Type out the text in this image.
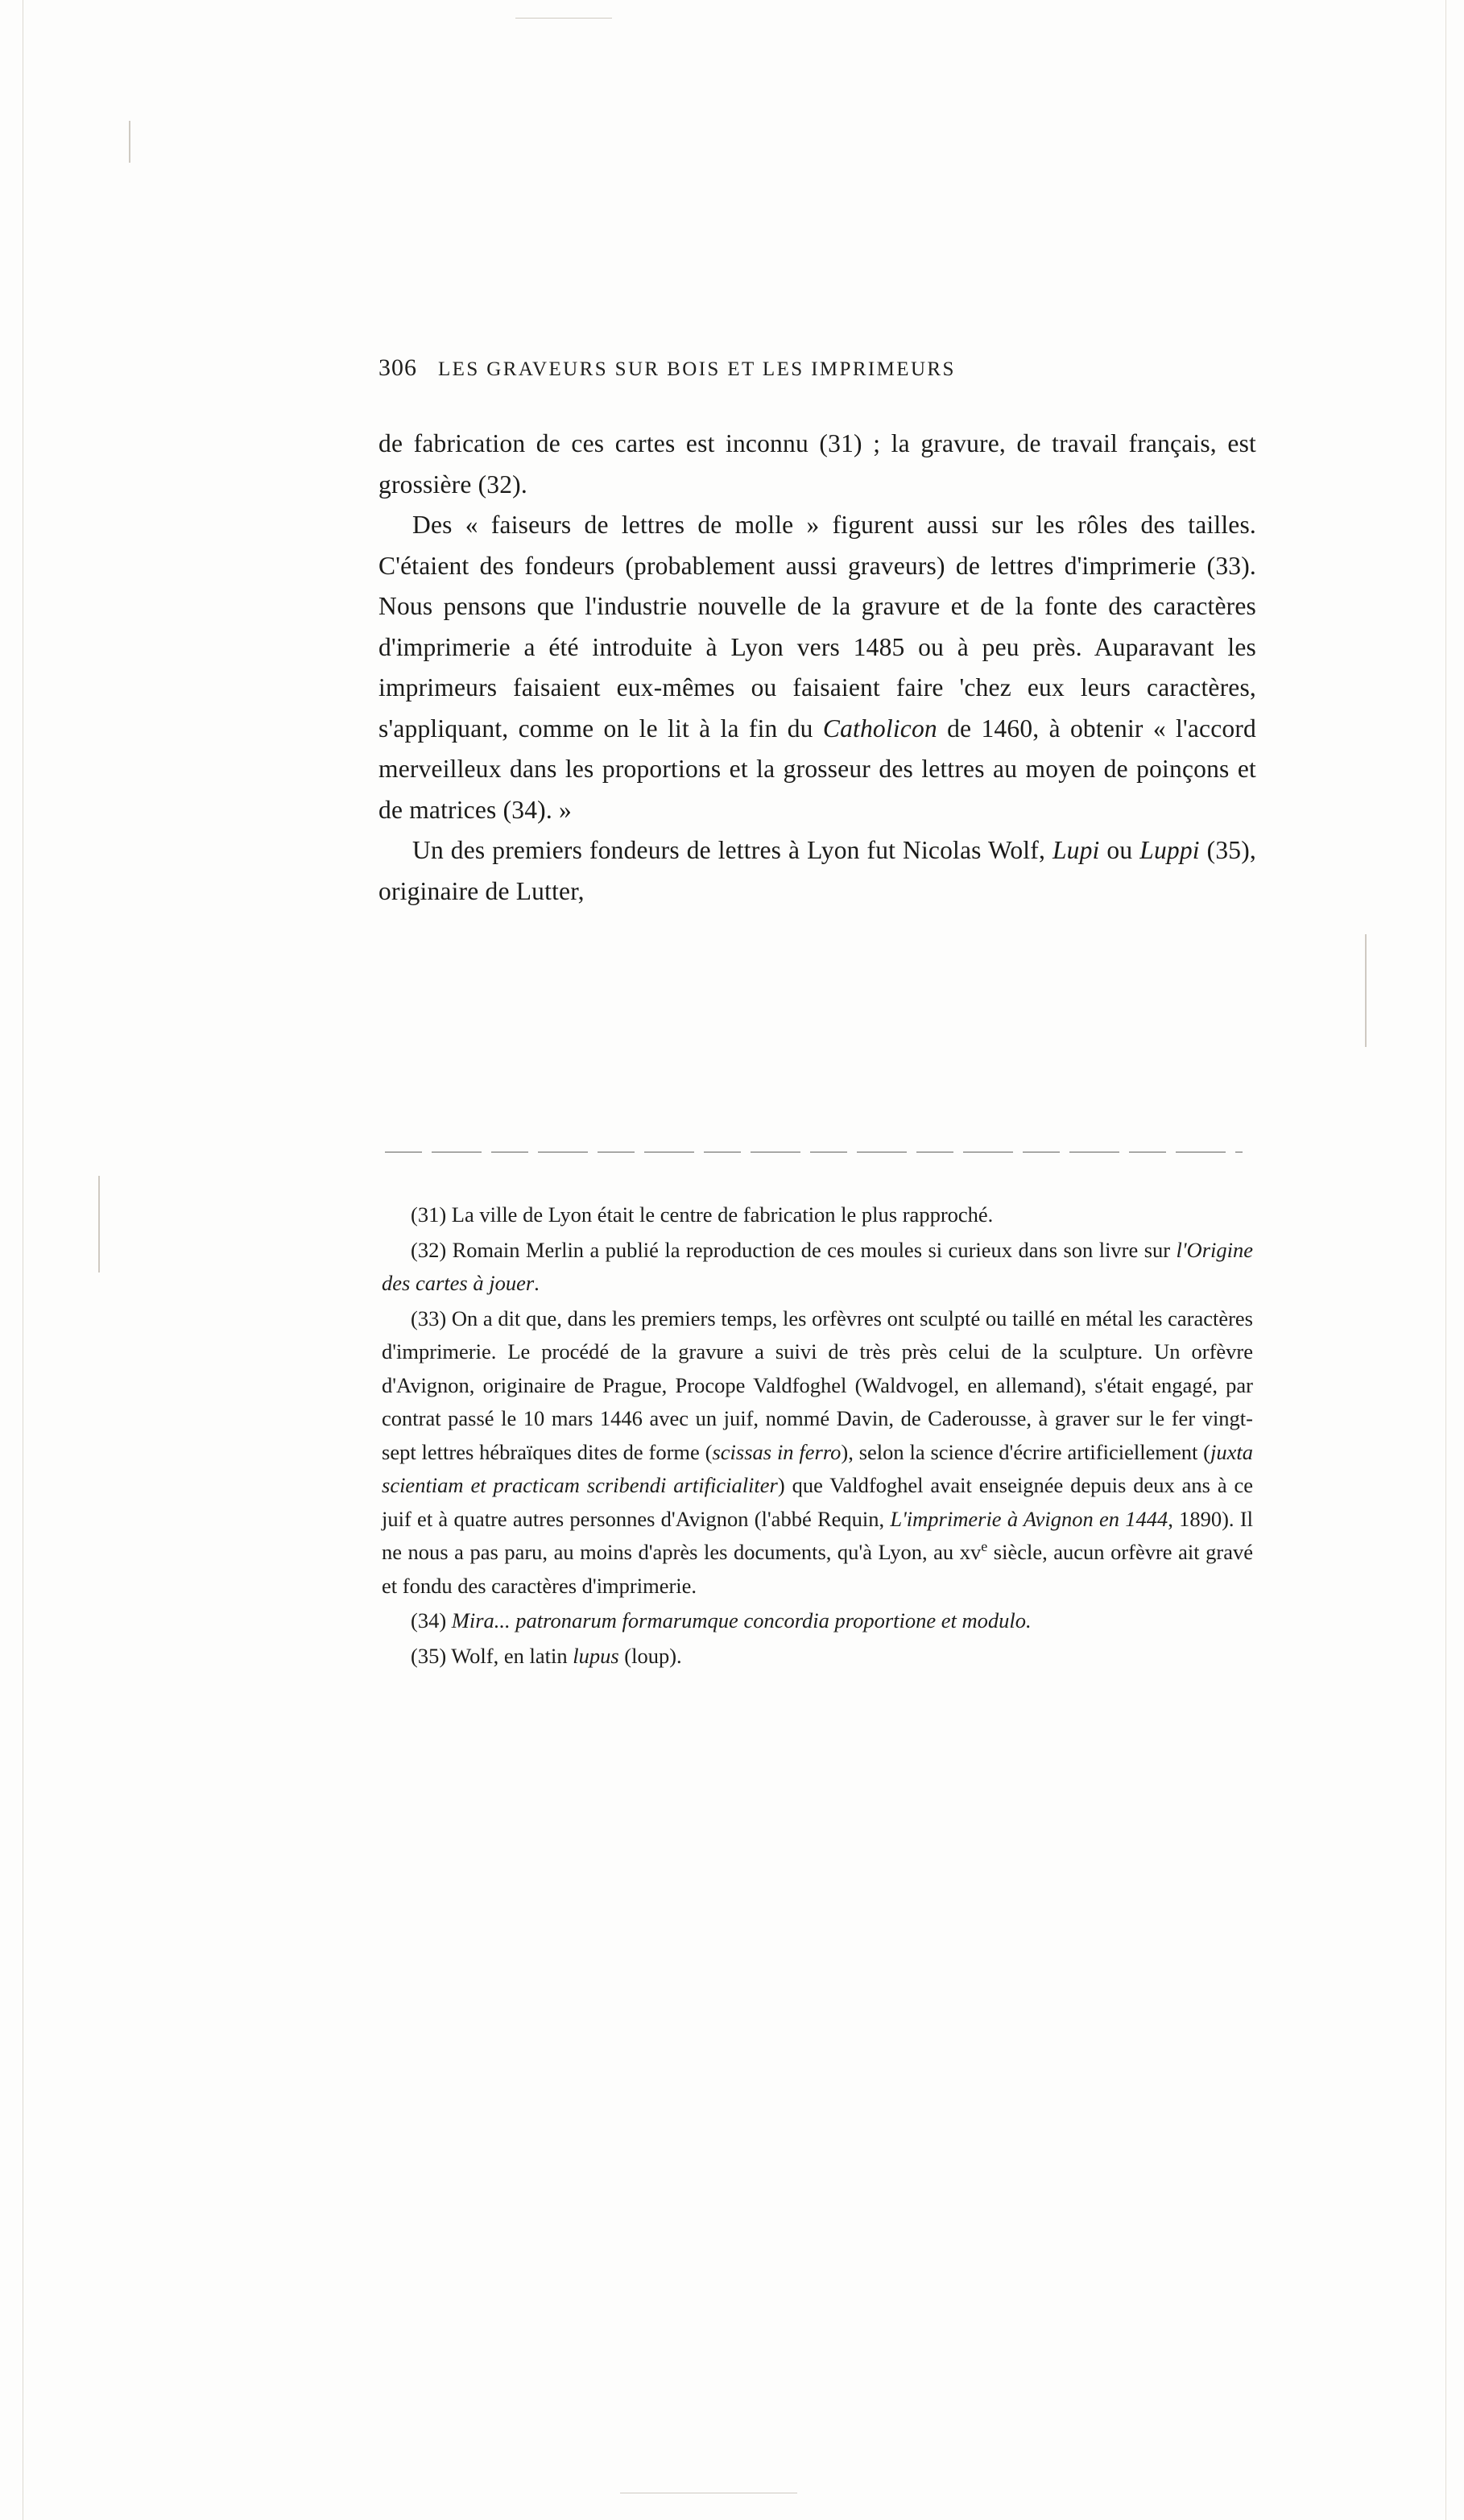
306 LES GRAVEURS SUR BOIS ET LES IMPRIMEURS

de fabrication de ces cartes est inconnu (31) ; la gravure, de travail français, est grossière (32).

Des « faiseurs de lettres de molle » figurent aussi sur les rôles des tailles. C'étaient des fondeurs (probablement aussi graveurs) de lettres d'imprimerie (33). Nous pensons que l'industrie nouvelle de la gravure et de la fonte des caractères d'imprimerie a été introduite à Lyon vers 1485 ou à peu près. Auparavant les imprimeurs faisaient eux-mêmes ou faisaient faire 'chez eux leurs caractères, s'appliquant, comme on le lit à la fin du Catholicon de 1460, à obtenir « l'accord merveilleux dans les proportions et la grosseur des lettres au moyen de poinçons et de matrices (34). »

Un des premiers fondeurs de lettres à Lyon fut Nicolas Wolf, Lupi ou Luppi (35), originaire de Lutter,

(31) La ville de Lyon était le centre de fabrication le plus rapproché.

(32) Romain Merlin a publié la reproduction de ces moules si curieux dans son livre sur l'Origine des cartes à jouer.

(33) On a dit que, dans les premiers temps, les orfèvres ont sculpté ou taillé en métal les caractères d'imprimerie. Le procédé de la gravure a suivi de très près celui de la sculpture. Un orfèvre d'Avignon, originaire de Prague, Procope Valdfoghel (Waldvogel, en allemand), s'était engagé, par contrat passé le 10 mars 1446 avec un juif, nommé Davin, de Caderousse, à graver sur le fer vingt-sept lettres hébraïques dites de forme (scissas in ferro), selon la science d'écrire artificiellement (juxta scientiam et practicam scribendi artificialiter) que Valdfoghel avait enseignée depuis deux ans à ce juif et à quatre autres personnes d'Avignon (l'abbé Requin, L'imprimerie à Avignon en 1444, 1890). Il ne nous a pas paru, au moins d'après les documents, qu'à Lyon, au $xv^e$ siècle, aucun orfèvre ait gravé et fondu des caractères d'imprimerie.

(34) Mira... patronarum formarumque concordia proportione et modulo.

(35) Wolf, en latin lupus (loup).
